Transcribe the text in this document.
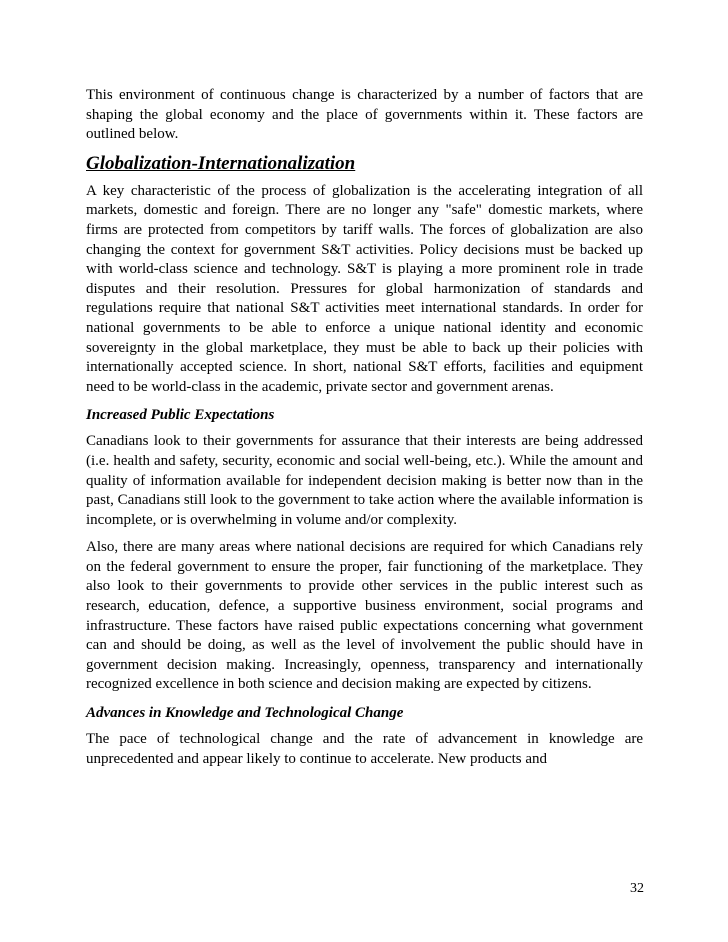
This environment of continuous change is characterized by a number of factors that are shaping the global economy and the place of governments within it. These factors are outlined below.

Globalization-Internationalization

A key characteristic of the process of globalization is the accelerating integration of all markets, domestic and foreign. There are no longer any "safe" domestic markets, where firms are protected from competitors by tariff walls. The forces of globalization are also changing the context for government S&T activities. Policy decisions must be backed up with world-class science and technology. S&T is playing a more prominent role in trade disputes and their resolution. Pressures for global harmonization of standards and regulations require that national S&T activities meet international standards. In order for national governments to be able to enforce a unique national identity and economic sovereignty in the global marketplace, they must be able to back up their policies with internationally accepted science. In short, national S&T efforts, facilities and equipment need to be world-class in the academic, private sector and government arenas.

Increased Public Expectations

Canadians look to their governments for assurance that their interests are being addressed (i.e. health and safety, security, economic and social well-being, etc.). While the amount and quality of information available for independent decision making is better now than in the past, Canadians still look to the government to take action where the available information is incomplete, or is overwhelming in volume and/or complexity.

Also, there are many areas where national decisions are required for which Canadians rely on the federal government to ensure the proper, fair functioning of the marketplace. They also look to their governments to provide other services in the public interest such as research, education, defence, a supportive business environment, social programs and infrastructure. These factors have raised public expectations concerning what government can and should be doing, as well as the level of involvement the public should have in government decision making. Increasingly, openness, transparency and internationally recognized excellence in both science and decision making are expected by citizens.

Advances in Knowledge and Technological Change

The pace of technological change and the rate of advancement in knowledge are unprecedented and appear likely to continue to accelerate. New products and

32
